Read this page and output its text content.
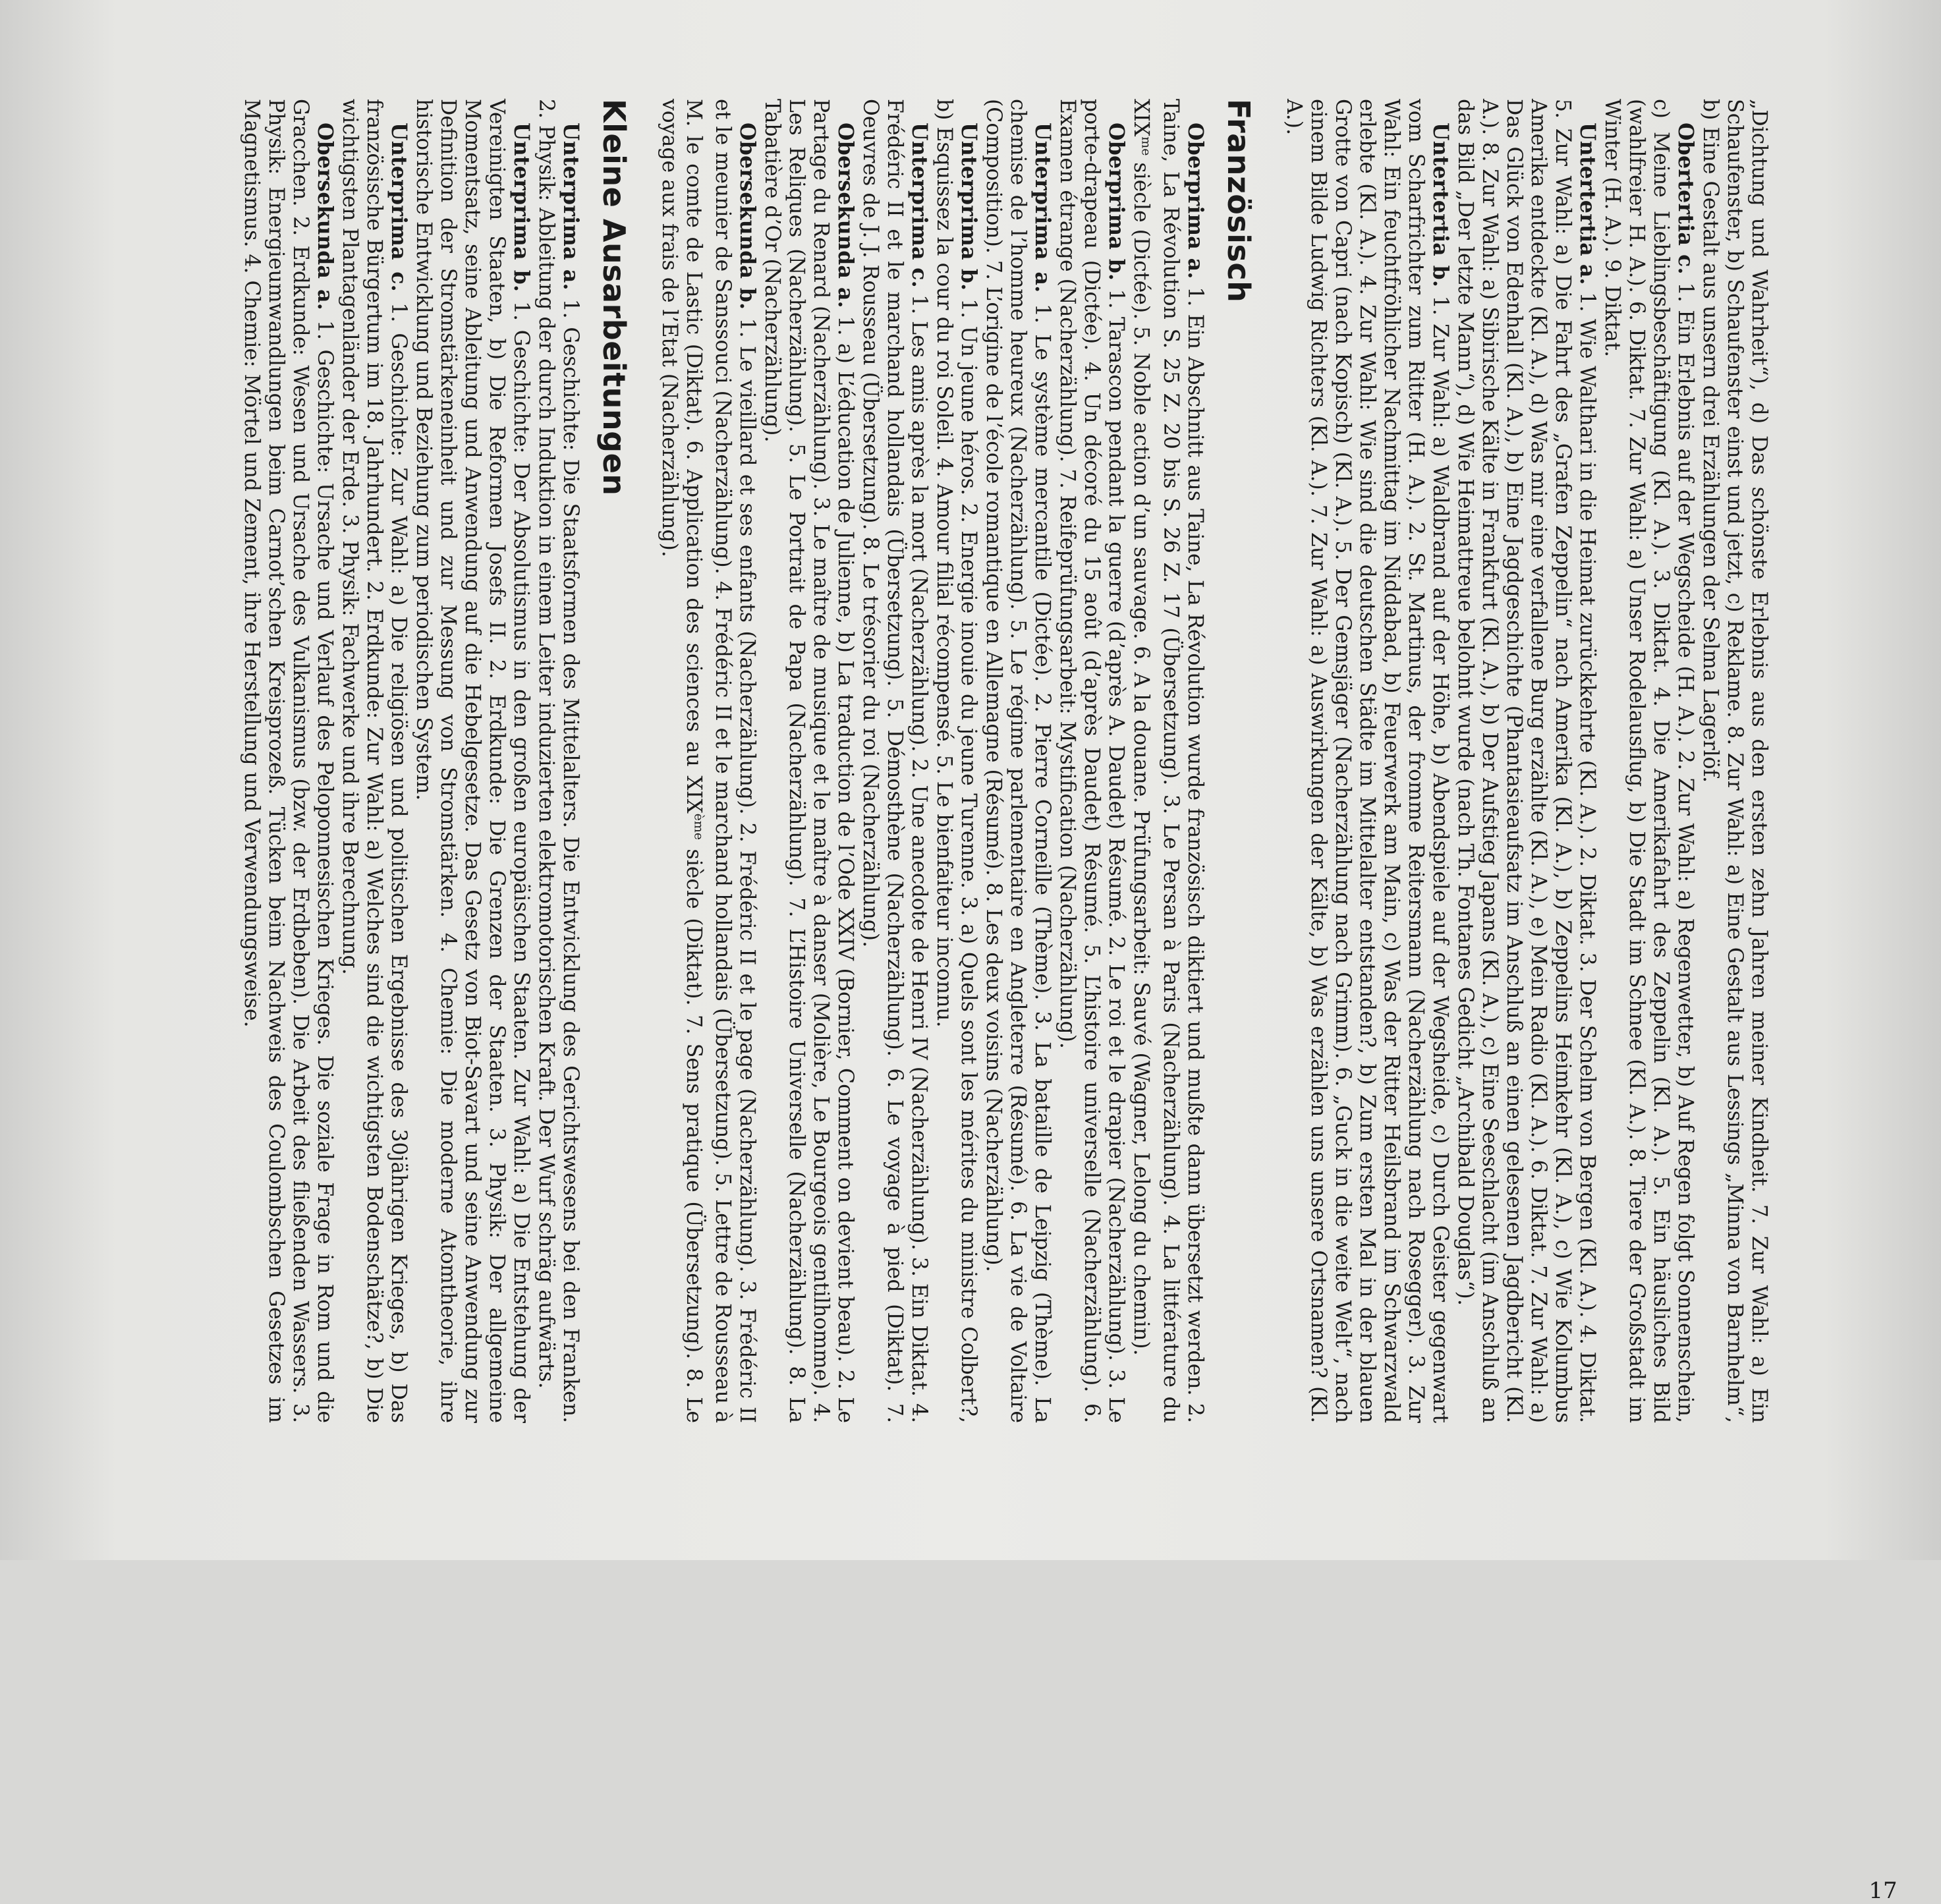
„Dichtung und Wahrheit“), d) Das schönste Erlebnis aus den ersten zehn Jahren meiner Kindheit. 7. Zur Wahl: a) Ein Schaufenster, b) Schaufenster einst und jetzt, c) Reklame. 8. Zur Wahl: a) Eine Gestalt aus Lessings „Minna von Barnhelm“, b) Eine Gestalt aus unsern drei Erzählungen der Selma Lagerlöf.

Obertertia c. 1. Ein Erlebnis auf der Wegscheide (H. A.). 2. Zur Wahl: a) Regenwetter, b) Auf Regen folgt Sonnenschein, c) Meine Lieblingsbeschäftigung (Kl. A.). 3. Diktat. 4. Die Amerikafahrt des Zeppelin (Kl. A.). 5. Ein häusliches Bild (wahlfreier H. A.). 6. Diktat. 7. Zur Wahl: a) Unser Rodelausflug, b) Die Stadt im Schnee (Kl. A.). 8. Tiere der Großstadt im Winter (H. A.). 9. Diktat.

Untertertia a. 1. Wie Walthari in die Heimat zurückkehrte (Kl. A.). 2. Diktat. 3. Der Schelm von Bergen (Kl. A.). 4. Diktat. 5. Zur Wahl: a) Die Fahrt des „Grafen Zeppelin“ nach Amerika (Kl. A.), b) Zeppelins Heimkehr (Kl. A.), c) Wie Kolumbus Amerika entdeckte (Kl. A.), d) Was mir eine verfallene Burg erzählte (Kl. A.), e) Mein Radio (Kl. A.). 6. Diktat. 7. Zur Wahl: a) Das Glück von Edenhall (Kl. A.), b) Eine Jagdgeschichte (Phantasieaufsatz im Anschluß an einen gelesenen Jagdbericht (Kl. A.). 8. Zur Wahl: a) Sibirische Kälte in Frankfurt (Kl. A.), b) Der Aufstieg Japans (Kl. A.), c) Eine Seeschlacht (im Anschluß an das Bild „Der letzte Mann“), d) Wie Heimattreue belohnt wurde (nach Th. Fontanes Gedicht „Archibald Douglas“).

Untertertia b. 1. Zur Wahl: a) Waldbrand auf der Höhe, b) Abendspiele auf der Wegsheide, c) Durch Geister gegenwart vom Scharfrichter zum Ritter (H. A.). 2. St. Martinus, der fromme Reitersmann (Nacherzählung nach Rosegger). 3. Zur Wahl: Ein feuchtfröhlicher Nachmittag im Niddabad, b) Feuerwerk am Main, c) Was der Ritter Heilsbrand im Schwarzwald erlebte (Kl. A.). 4. Zur Wahl: Wie sind die deutschen Städte im Mittelalter entstanden?, b) Zum ersten Mal in der blauen Grotte von Capri (nach Kopisch) (Kl. A.). 5. Der Gemsjäger (Nacherzählung nach Grimm). 6. „Guck in die weite Welt“, nach einem Bilde Ludwig Richters (Kl. A.). 7. Zur Wahl: a) Auswirkungen der Kälte, b) Was erzählen uns unsere Ortsnamen? (Kl. A.).

Französisch

Oberprima a. 1. Ein Abschnitt aus Taine, La Révolution wurde französisch diktiert und mußte dann übersetzt werden. 2. Taine, La Révolution S. 25 Z. 20 bis S. 26 Z. 17 (Übersetzung). 3. Le Persan à Paris (Nacherzählung). 4. La littérature du $XIX^{me}$ siècle (Dictée). 5. Noble action d’un sauvage. 6. A la douane. Prüfungsarbeit: Sauvé (Wagner, Lelong du chemin).

Oberprima b. 1. Tarascon pendant la guerre (d’après A. Daudet) Résumé. 2. Le roi et le drapier (Nacherzählung). 3. Le porte-drapeau (Dictée). 4. Un décoré du 15 août (d’après Daudet) Résumé. 5. L’histoire universelle (Nacherzählung). 6. Examen étrange (Nacherzählung). 7. Reifeprüfungsarbeit: Mystification (Nacherzählung).

Unterprima a. 1. Le système mercantile (Dictée). 2. Pierre Corneille (Thème). 3. La bataille de Leipzig (Thème). La chemise de l’homme heureux (Nacherzählung). 5. Le régime parlementaire en Angleterre (Résumé). 6. La vie de Voltaire (Composition). 7. L’origine de l’école romantique en Allemagne (Résumé). 8. Les deux voisins (Nacherzählung).

Unterprima b. 1. Un jeune héros. 2. Energie inouie du jeune Turenne. 3. a) Quels sont les mérites du ministre Colbert?, b) Esquissez la cour du roi Soleil. 4. Amour filial récompensé. 5. Le bienfaiteur inconnu.

Unterprima c. 1. Les amis après la mort (Nacherzählung). 2. Une anecdote de Henri IV (Nacherzählung). 3. Ein Diktat. 4. Frédéric II et le marchand hollandais (Übersetzung). 5. Démosthène (Nacherzählung). 6. Le voyage à pied (Diktat). 7. Oeuvres de J. J. Rousseau (Übersetzung). 8. Le trésorier du roi (Nacherzählung).

Obersekunda a. 1. a) L’éducation de Julienne, b) La traduction de l’Ode XXIV (Bornier, Comment on devient beau). 2. Le Partage du Renard (Nacherzählung). 3. Le maître de musique et le maître à danser (Molière, Le Bourgeois gentilhomme). 4. Les Reliques (Nacherzählung). 5. Le Portrait de Papa (Nacherzählung). 7. L’Histoire Universelle (Nacherzählung). 8. La Tabatière d’Or (Nacherzählung).

Obersekunda b. 1. Le vieillard et ses enfants (Nacherzählung). 2. Frédéric II et le page (Nacherzählung). 3. Frédéric II et le meunier de Sanssouci (Nacherzählung). 4. Frédéric II et le marchand hollandais (Übersetzung). 5. Lettre de Rousseau à M. le comte de Lastic (Diktat). 6. Application des sciences au XIXème siècle (Diktat). 7. Sens pratique (Übersetzung). 8. Le voyage aux frais de l’Etat (Nacherzählung).

Kleine Ausarbeitungen

Unterprima a. 1. Geschichte: Die Staatsformen des Mittelalters. Die Entwicklung des Gerichtswesens bei den Franken. 2. Physik: Ableitung der durch Induktion in einem Leiter induzierten elektromotorischen Kraft. Der Wurf schräg aufwärts.

Unterprima b. 1. Geschichte: Der Absolutismus in den großen europäischen Staaten. Zur Wahl: a) Die Entstehung der Vereinigten Staaten, b) Die Reformen Josefs II. 2. Erdkunde: Die Grenzen der Staaten. 3. Physik: Der allgemeine Momentsatz, seine Ableitung und Anwendung auf die Hebelgesetze. Das Gesetz von Biot-Savart und seine Anwendung zur Definition der Stromstärkeneinheit und zur Messung von Stromstärken. 4. Chemie: Die moderne Atomtheorie, ihre historische Entwicklung und Beziehung zum periodischen System.

Unterprima c. 1. Geschichte: Zur Wahl: a) Die religiösen und politischen Ergebnisse des 30jährigen Krieges, b) Das französische Bürgertum im 18. Jahrhundert. 2. Erdkunde: Zur Wahl: a) Welches sind die wichtigsten Bodenschätze?, b) Die wichtigsten Plantagenländer der Erde. 3. Physik: Fachwerke und ihre Berechnung.

Obersekunda a. 1. Geschichte: Ursache und Verlauf des Peloponnesischen Krieges. Die soziale Frage in Rom und die Gracchen. 2. Erdkunde: Wesen und Ursache des Vulkanismus (bzw. der Erdbeben). Die Arbeit des fließenden Wassers. 3. Physik: Energieumwandlungen beim Carnot’schen Kreisprozeß. Tücken beim Nachweis des Coulombschen Gesetzes im Magnetismus. 4. Chemie: Mörtel und Zement, ihre Herstellung und Verwendungsweise.

17
